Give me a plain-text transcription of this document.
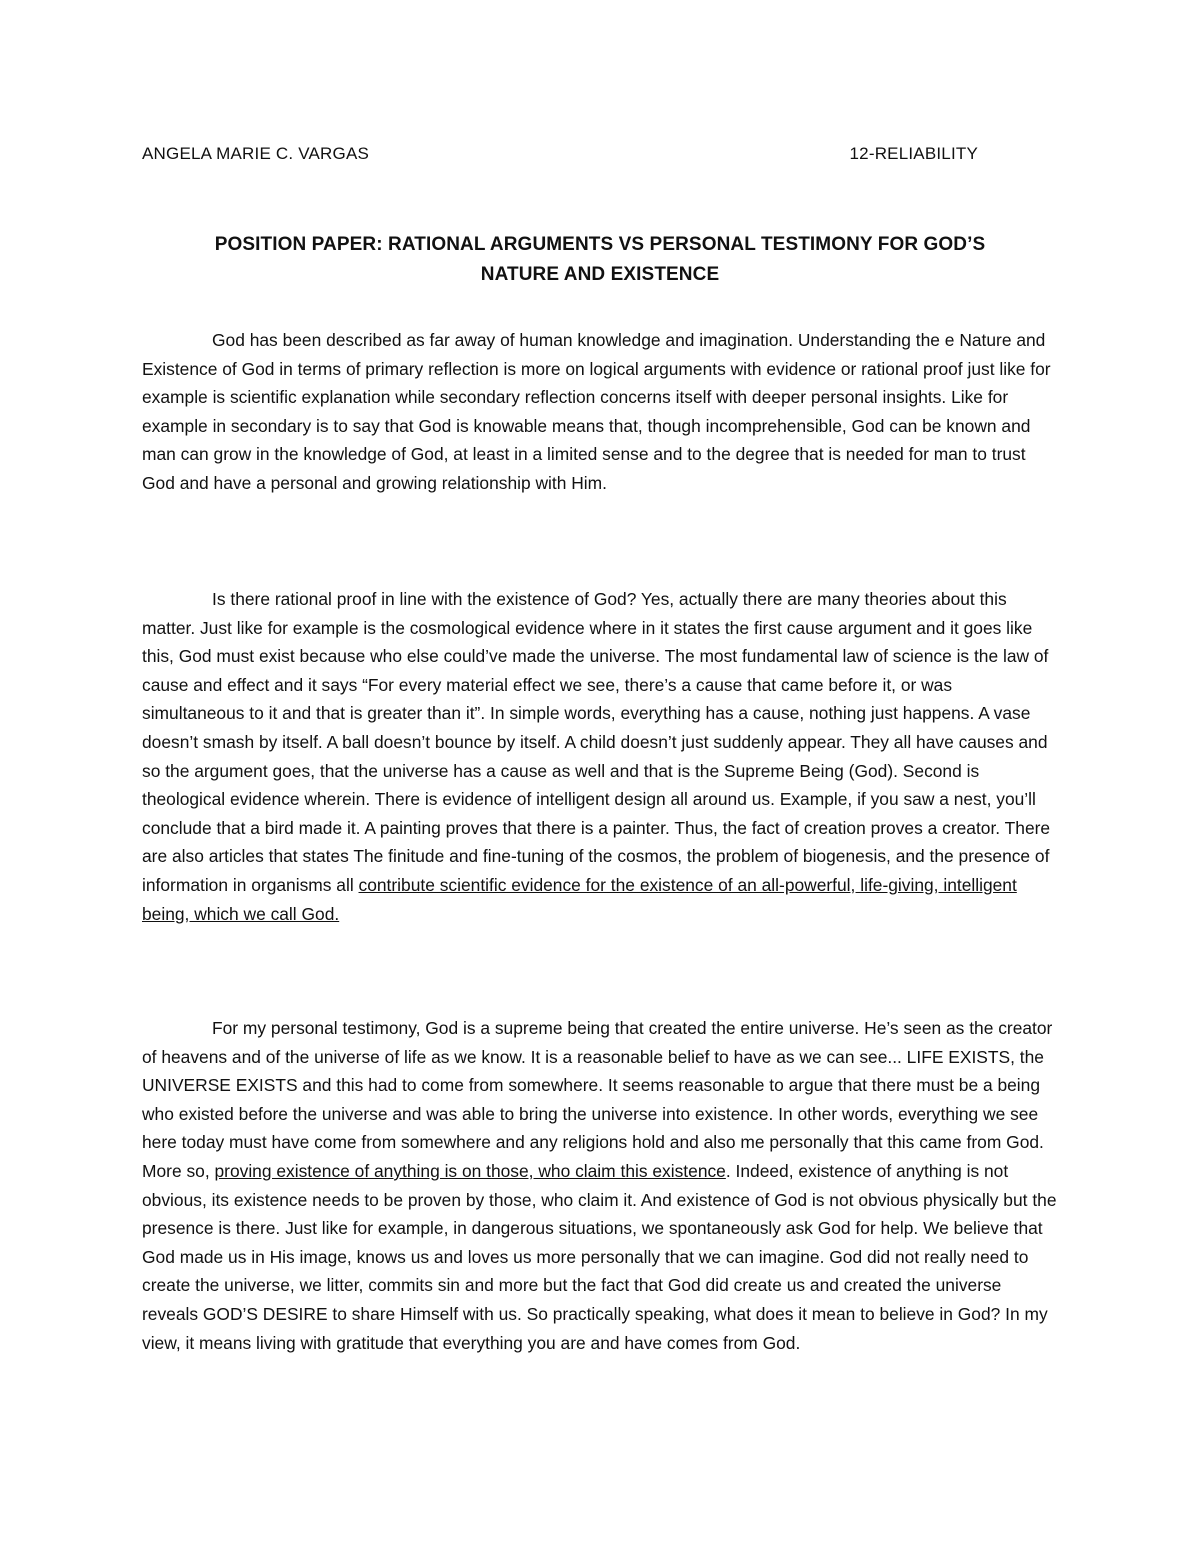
ANGELA MARIE C. VARGAS	12-RELIABILITY
POSITION PAPER: RATIONAL ARGUMENTS VS PERSONAL TESTIMONY FOR GOD’S
NATURE AND EXISTENCE

God has been described as far away of human knowledge and imagination. Understanding the e Nature and Existence of God in terms of primary reflection is more on logical arguments with evidence or rational proof just like for example is scientific explanation while secondary reflection concerns itself with deeper personal insights. Like for example in secondary is to say that God is knowable means that, though incomprehensible, God can be known and man can grow in the knowledge of God, at least in a limited sense and to the degree that is needed for man to trust God and have a personal and growing relationship with Him.

Is there rational proof in line with the existence of God? Yes, actually there are many theories about this matter. Just like for example is the cosmological evidence where in it states the first cause argument and it goes like this, God must exist because who else could’ve made the universe. The most fundamental law of science is the law of cause and effect and it says “For every material effect we see, there’s a cause that came before it, or was simultaneous to it and that is greater than it”. In simple words, everything has a cause, nothing just happens. A vase doesn’t smash by itself. A ball doesn’t bounce by itself. A child doesn’t just suddenly appear. They all have causes and so the argument goes, that the universe has a cause as well and that is the Supreme Being (God). Second is theological evidence wherein. There is evidence of intelligent design all around us. Example, if you saw a nest, you’ll conclude that a bird made it. A painting proves that there is a painter. Thus, the fact of creation proves a creator. There are also articles that states The finitude and fine-tuning of the cosmos, the problem of biogenesis, and the presence of information in organisms all contribute scientific evidence for the existence of an all-powerful, life-giving, intelligent being, which we call God.

For my personal testimony, God is a supreme being that created the entire universe. He’s seen as the creator of heavens and of the universe of life as we know. It is a reasonable belief to have as we can see... LIFE EXISTS, the UNIVERSE EXISTS and this had to come from somewhere. It seems reasonable to argue that there must be a being who existed before the universe and was able to bring the universe into existence. In other words, everything we see here today must have come from somewhere and any religions hold and also me personally that this came from God. More so, proving existence of anything is on those, who claim this existence. Indeed, existence of anything is not obvious, its existence needs to be proven by those, who claim it. And existence of God is not obvious physically but the presence is there. Just like for example, in dangerous situations, we spontaneously ask God for help. We believe that God made us in His image, knows us and loves us more personally that we can imagine. God did not really need to create the universe, we litter, commits sin and more but the fact that God did create us and created the universe reveals GOD’S DESIRE to share Himself with us. So practically speaking, what does it mean to believe in God? In my view, it means living with gratitude that everything you are and have comes from God.
